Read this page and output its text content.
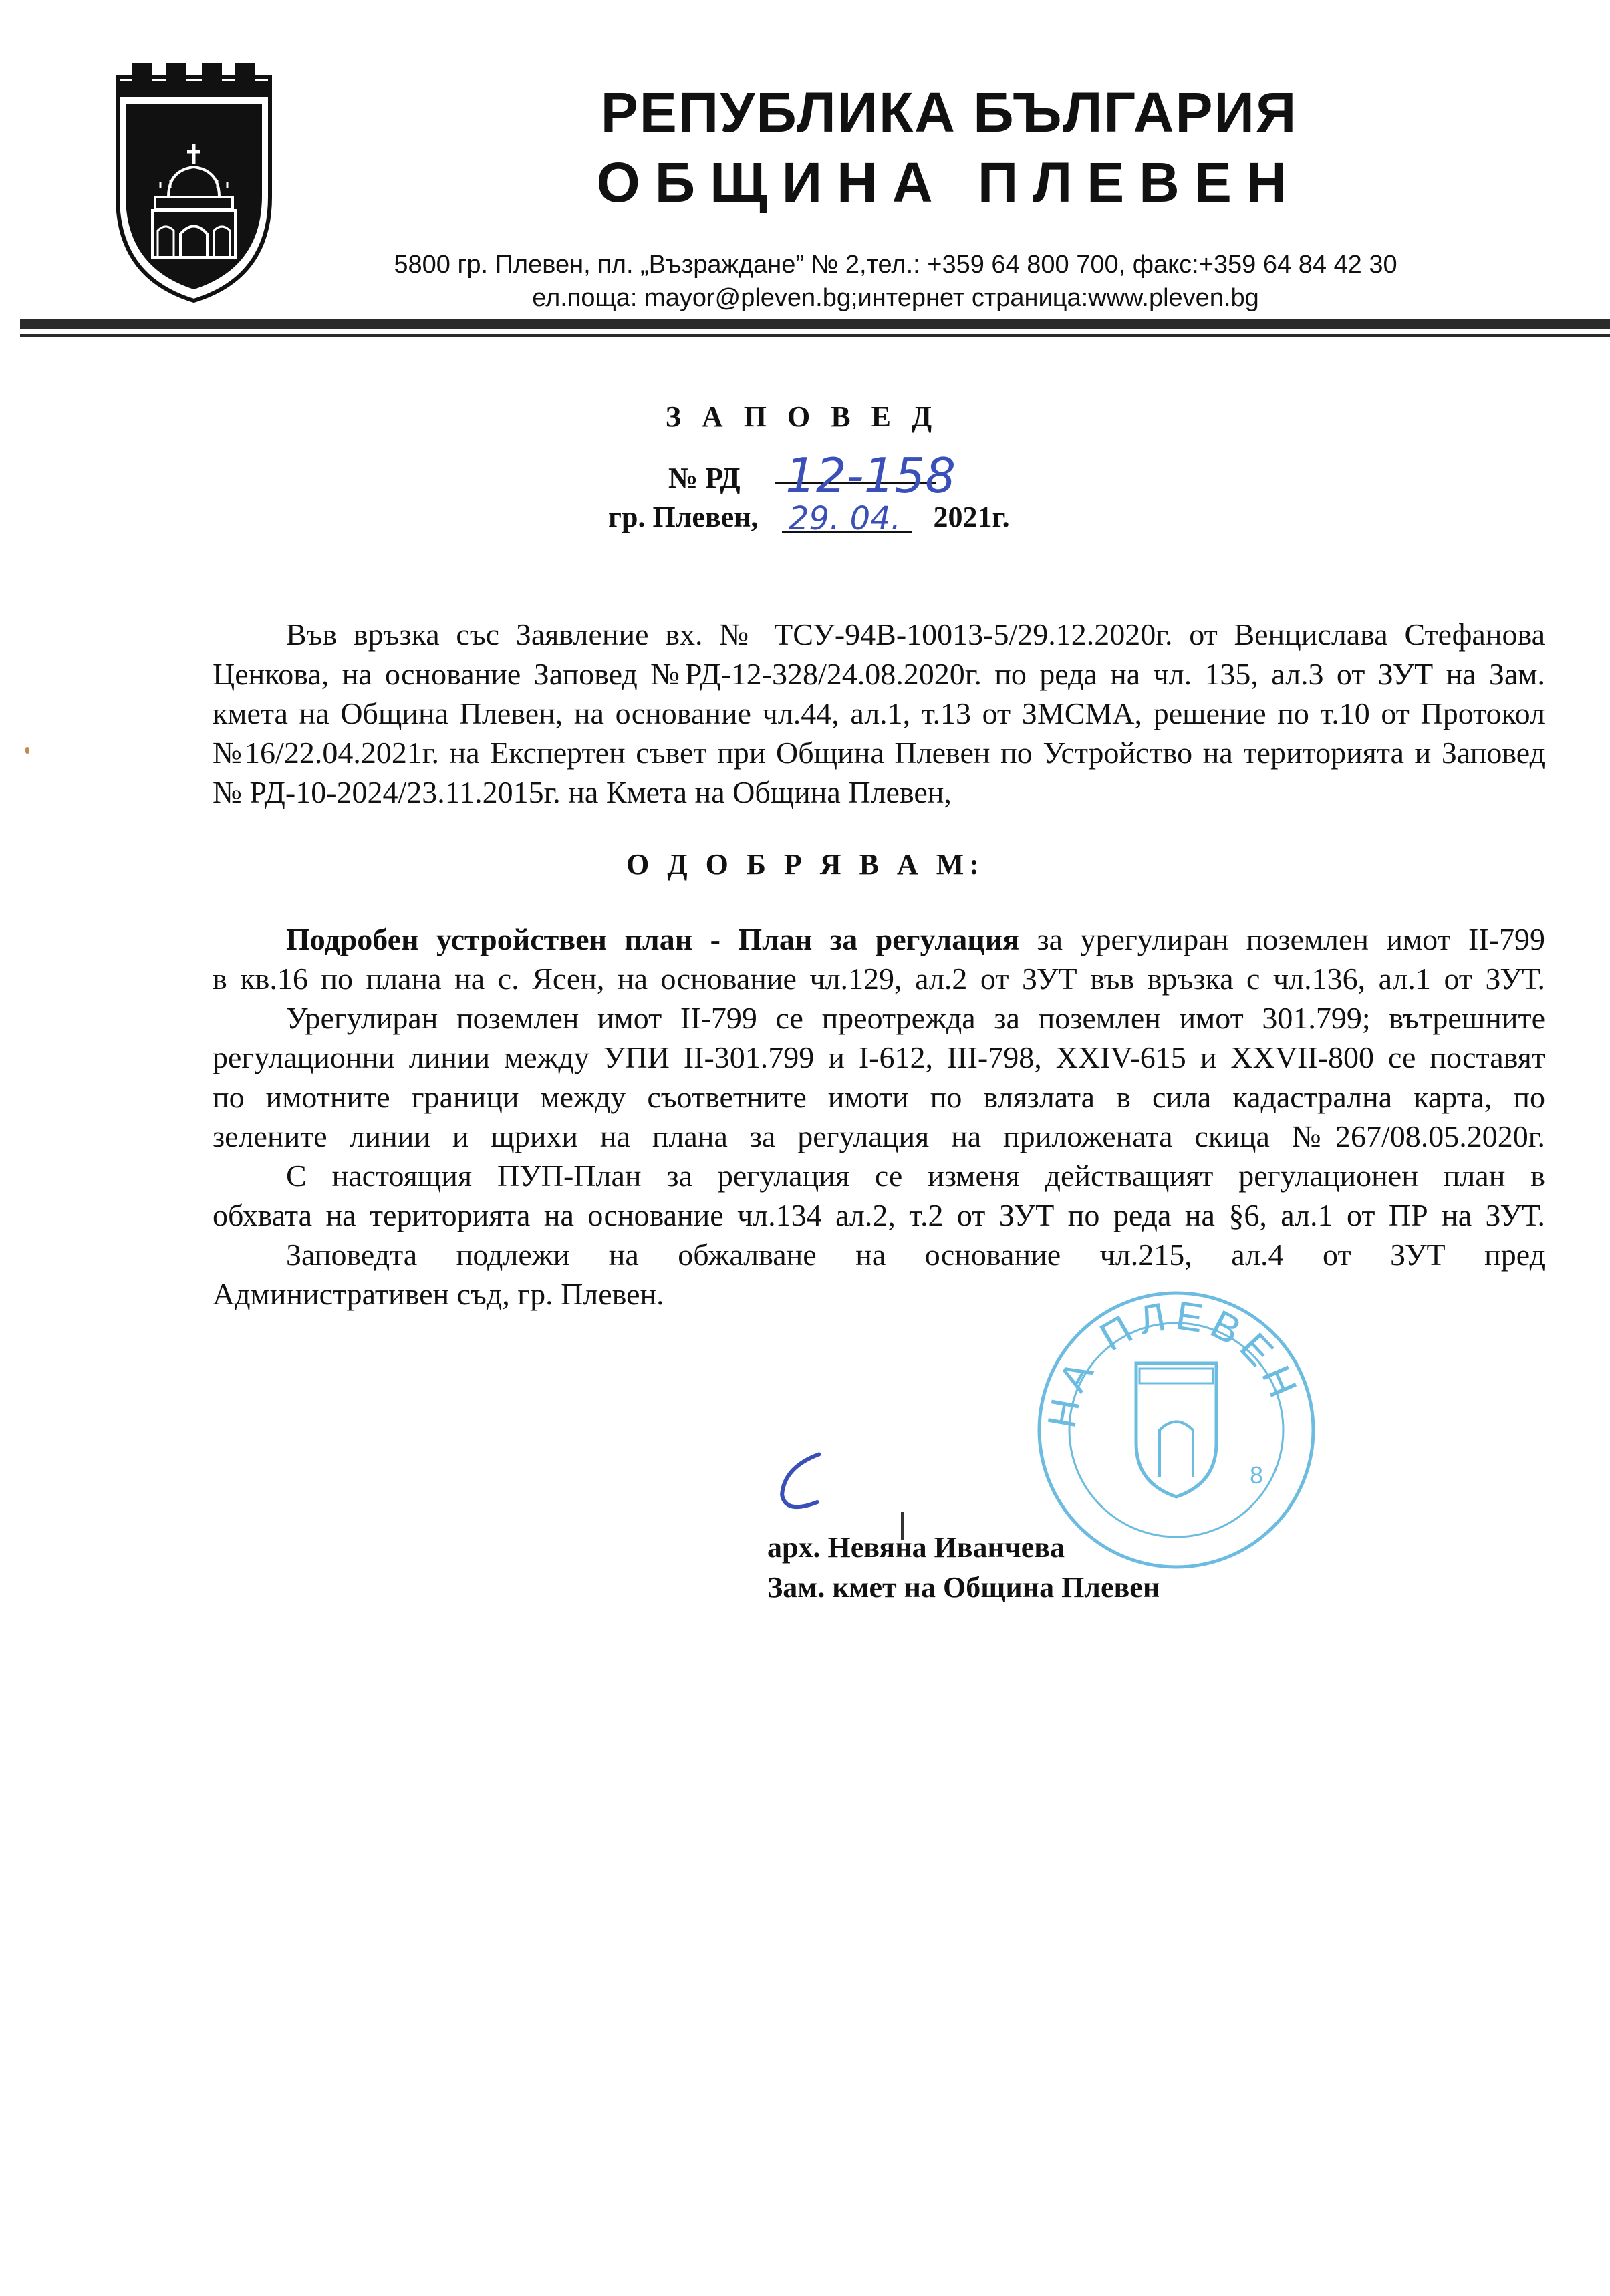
РЕПУБЛИКА БЪЛГАРИЯ
ОБЩИНА ПЛЕВЕН
5800 гр. Плевен, пл. „Възраждане” № 2,тел.: +359 64 800 700, факс:+359 64 84 42 30
ел.поща: mayor@pleven.bg;интернет страница:www.pleven.bg
З А П О В Е Д
№ РД 12-158
гр. Плевен,	2021г.
29. 04.
Във връзка със Заявление вх. № ТСУ-94В-10013-5/29.12.2020г. от Венцислава Стефанова Ценкова, на основание Заповед №РД-12-328/24.08.2020г. по реда на чл. 135, ал.3 от ЗУТ на Зам. кмета на Община Плевен, на основание чл.44, ал.1, т.13 от ЗМСМА, решение по т.10 от Протокол №16/22.04.2021г. на Експертен съвет при Община Плевен по Устройство на територията и Заповед № РД-10-2024/23.11.2015г. на Кмета на Община Плевен,
О Д О Б Р Я В А М:
Подробен устройствен план - План за регулация за урегулиран поземлен имот II-799
в кв.16 по плана на с. Ясен, на основание чл.129, ал.2 от ЗУТ във връзка с чл.136, ал.1 от ЗУТ.
Урегулиран поземлен имот II-799 се преотрежда за поземлен имот 301.799; вътрешните
регулационни линии между УПИ II-301.799 и I-612, III-798, XXIV-615 и XXVII-800 се поставят
по имотните граници между съответните имоти по влязлата в сила кадастрална карта, по
зелените линии и щрихи на плана за регулация на приложената скица №267/08.05.2020г.
С настоящия ПУП-План за регулация се изменя действащият регулационен план в
обхвата на територията на основание чл.134 ал.2, т.2 от ЗУТ по реда на §6, ал.1 от ПР на ЗУТ.
Заповедта подлежи на обжалване на основание чл.215, ал.4 от ЗУТ пред
Административен съд, гр. Плевен.
НА ПЛЕВЕН
8
арх. Невяна Иванчева
Зам. кмет на Община Плевен
